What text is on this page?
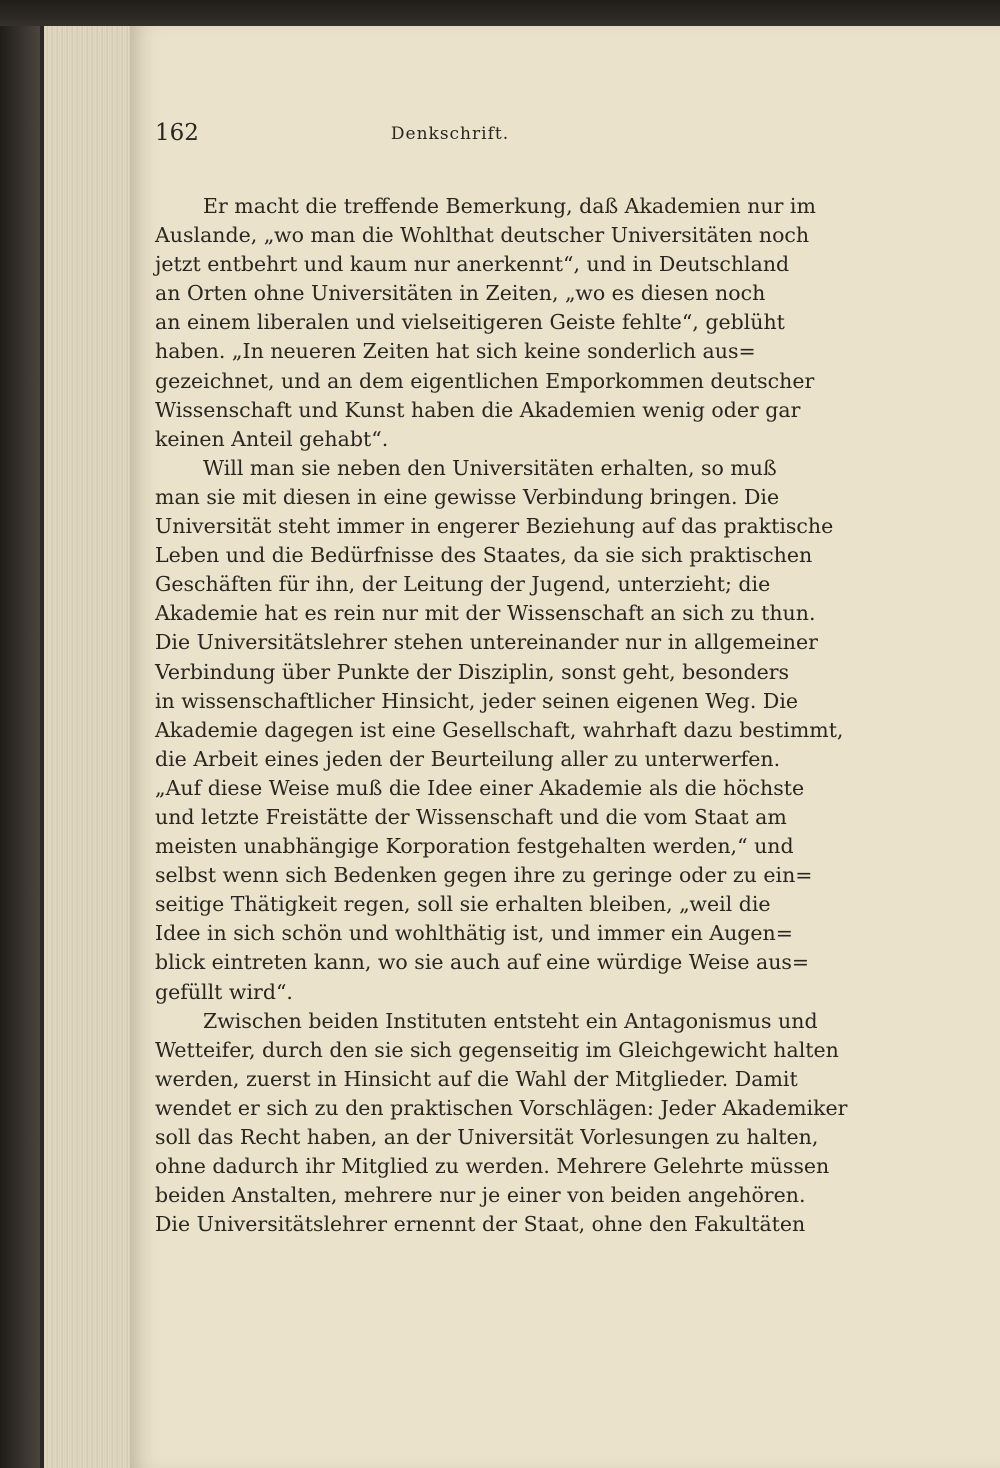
162	Denkschrift.
Er macht die treffende Bemerkung, daß Akademien nur im
Auslande, „wo man die Wohlthat deutscher Universitäten noch
jetzt entbehrt und kaum nur anerkennt“, und in Deutschland
an Orten ohne Universitäten in Zeiten, „wo es diesen noch
an einem liberalen und vielseitigeren Geiste fehlte“, geblüht
haben. „In neueren Zeiten hat sich keine sonderlich aus=
gezeichnet, und an dem eigentlichen Emporkommen deutscher
Wissenschaft und Kunst haben die Akademien wenig oder gar
keinen Anteil gehabt“.
Will man sie neben den Universitäten erhalten, so muß
man sie mit diesen in eine gewisse Verbindung bringen. Die
Universität steht immer in engerer Beziehung auf das praktische
Leben und die Bedürfnisse des Staates, da sie sich praktischen
Geschäften für ihn, der Leitung der Jugend, unterzieht; die
Akademie hat es rein nur mit der Wissenschaft an sich zu thun.
Die Universitätslehrer stehen untereinander nur in allgemeiner
Verbindung über Punkte der Disziplin, sonst geht, besonders
in wissenschaftlicher Hinsicht, jeder seinen eigenen Weg. Die
Akademie dagegen ist eine Gesellschaft, wahrhaft dazu bestimmt,
die Arbeit eines jeden der Beurteilung aller zu unterwerfen.
„Auf diese Weise muß die Idee einer Akademie als die höchste
und letzte Freistätte der Wissenschaft und die vom Staat am
meisten unabhängige Korporation festgehalten werden,“ und
selbst wenn sich Bedenken gegen ihre zu geringe oder zu ein=
seitige Thätigkeit regen, soll sie erhalten bleiben, „weil die
Idee in sich schön und wohlthätig ist, und immer ein Augen=
blick eintreten kann, wo sie auch auf eine würdige Weise aus=
gefüllt wird“.
Zwischen beiden Instituten entsteht ein Antagonismus und
Wetteifer, durch den sie sich gegenseitig im Gleichgewicht halten
werden, zuerst in Hinsicht auf die Wahl der Mitglieder. Damit
wendet er sich zu den praktischen Vorschlägen: Jeder Akademiker
soll das Recht haben, an der Universität Vorlesungen zu halten,
ohne dadurch ihr Mitglied zu werden. Mehrere Gelehrte müssen
beiden Anstalten, mehrere nur je einer von beiden angehören.
Die Universitätslehrer ernennt der Staat, ohne den Fakultäten
